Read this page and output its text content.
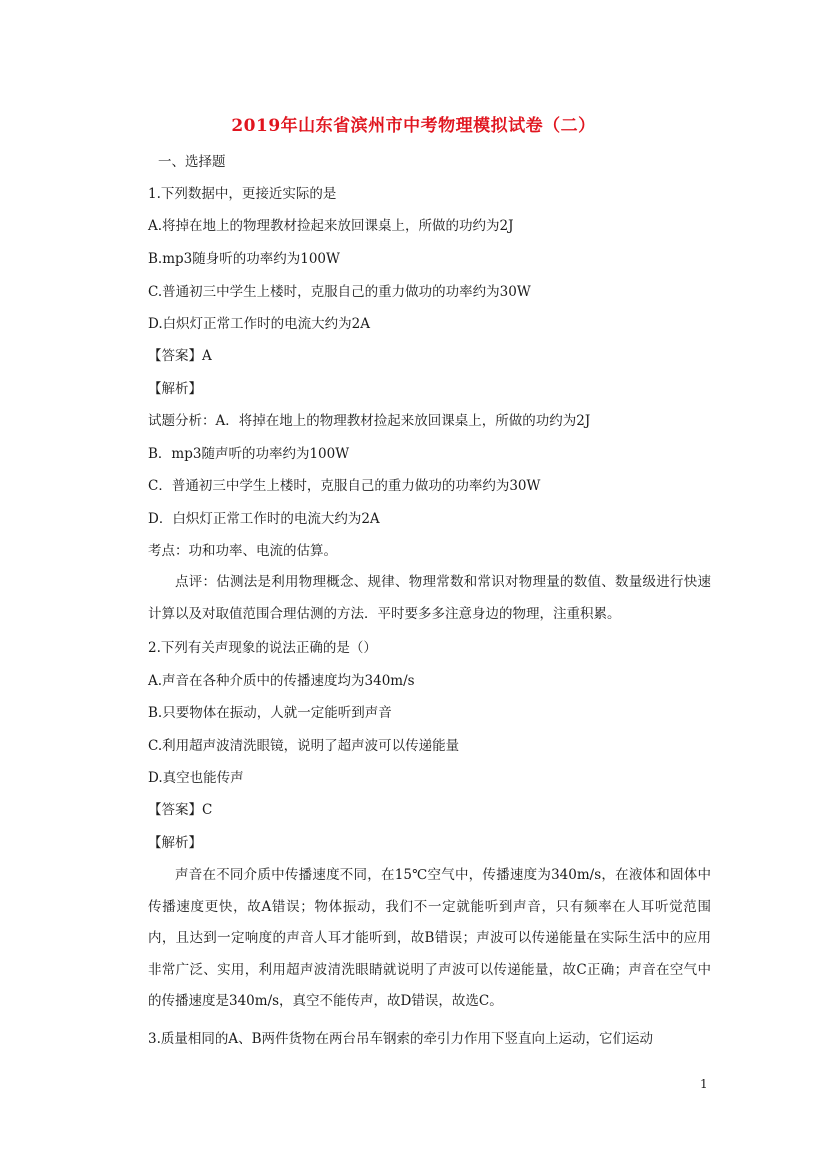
2019年山东省滨州市中考物理模拟试卷（二）
一、选择题
1.下列数据中，更接近实际的是
A.将掉在地上的物理教材捡起来放回课桌上，所做的功约为2J
B.mp3随身听的功率约为100W
C.普通初三中学生上楼时，克服自己的重力做功的功率约为30W
D.白炽灯正常工作时的电流大约为2A
【答案】A
【解析】
试题分析：A．将掉在地上的物理教材捡起来放回课桌上，所做的功约为2J
B．mp3随声听的功率约为100W
C．普通初三中学生上楼时，克服自己的重力做功的功率约为30W
D．白炽灯正常工作时的电流大约为2A
考点：功和功率、电流的估算。
点评：估测法是利用物理概念、规律、物理常数和常识对物理量的数值、数量级进行快速计算以及对取值范围合理估测的方法．平时要多多注意身边的物理，注重积累。
2.下列有关声现象的说法正确的是（）
A.声音在各种介质中的传播速度均为340m/s
B.只要物体在振动，人就一定能听到声音
C.利用超声波清洗眼镜，说明了超声波可以传递能量
D.真空也能传声
【答案】C
【解析】
声音在不同介质中传播速度不同，在15℃空气中，传播速度为340m/s，在液体和固体中传播速度更快，故A错误；物体振动，我们不一定就能听到声音，只有频率在人耳听觉范围内，且达到一定响度的声音人耳才能听到，故B错误；声波可以传递能量在实际生活中的应用非常广泛、实用，利用超声波清洗眼睛就说明了声波可以传递能量，故C正确；声音在空气中的传播速度是340m/s，真空不能传声，故D错误，故选C。
3.质量相同的A、B两件货物在两台吊车钢索的牵引力作用下竖直向上运动，它们运动
1
